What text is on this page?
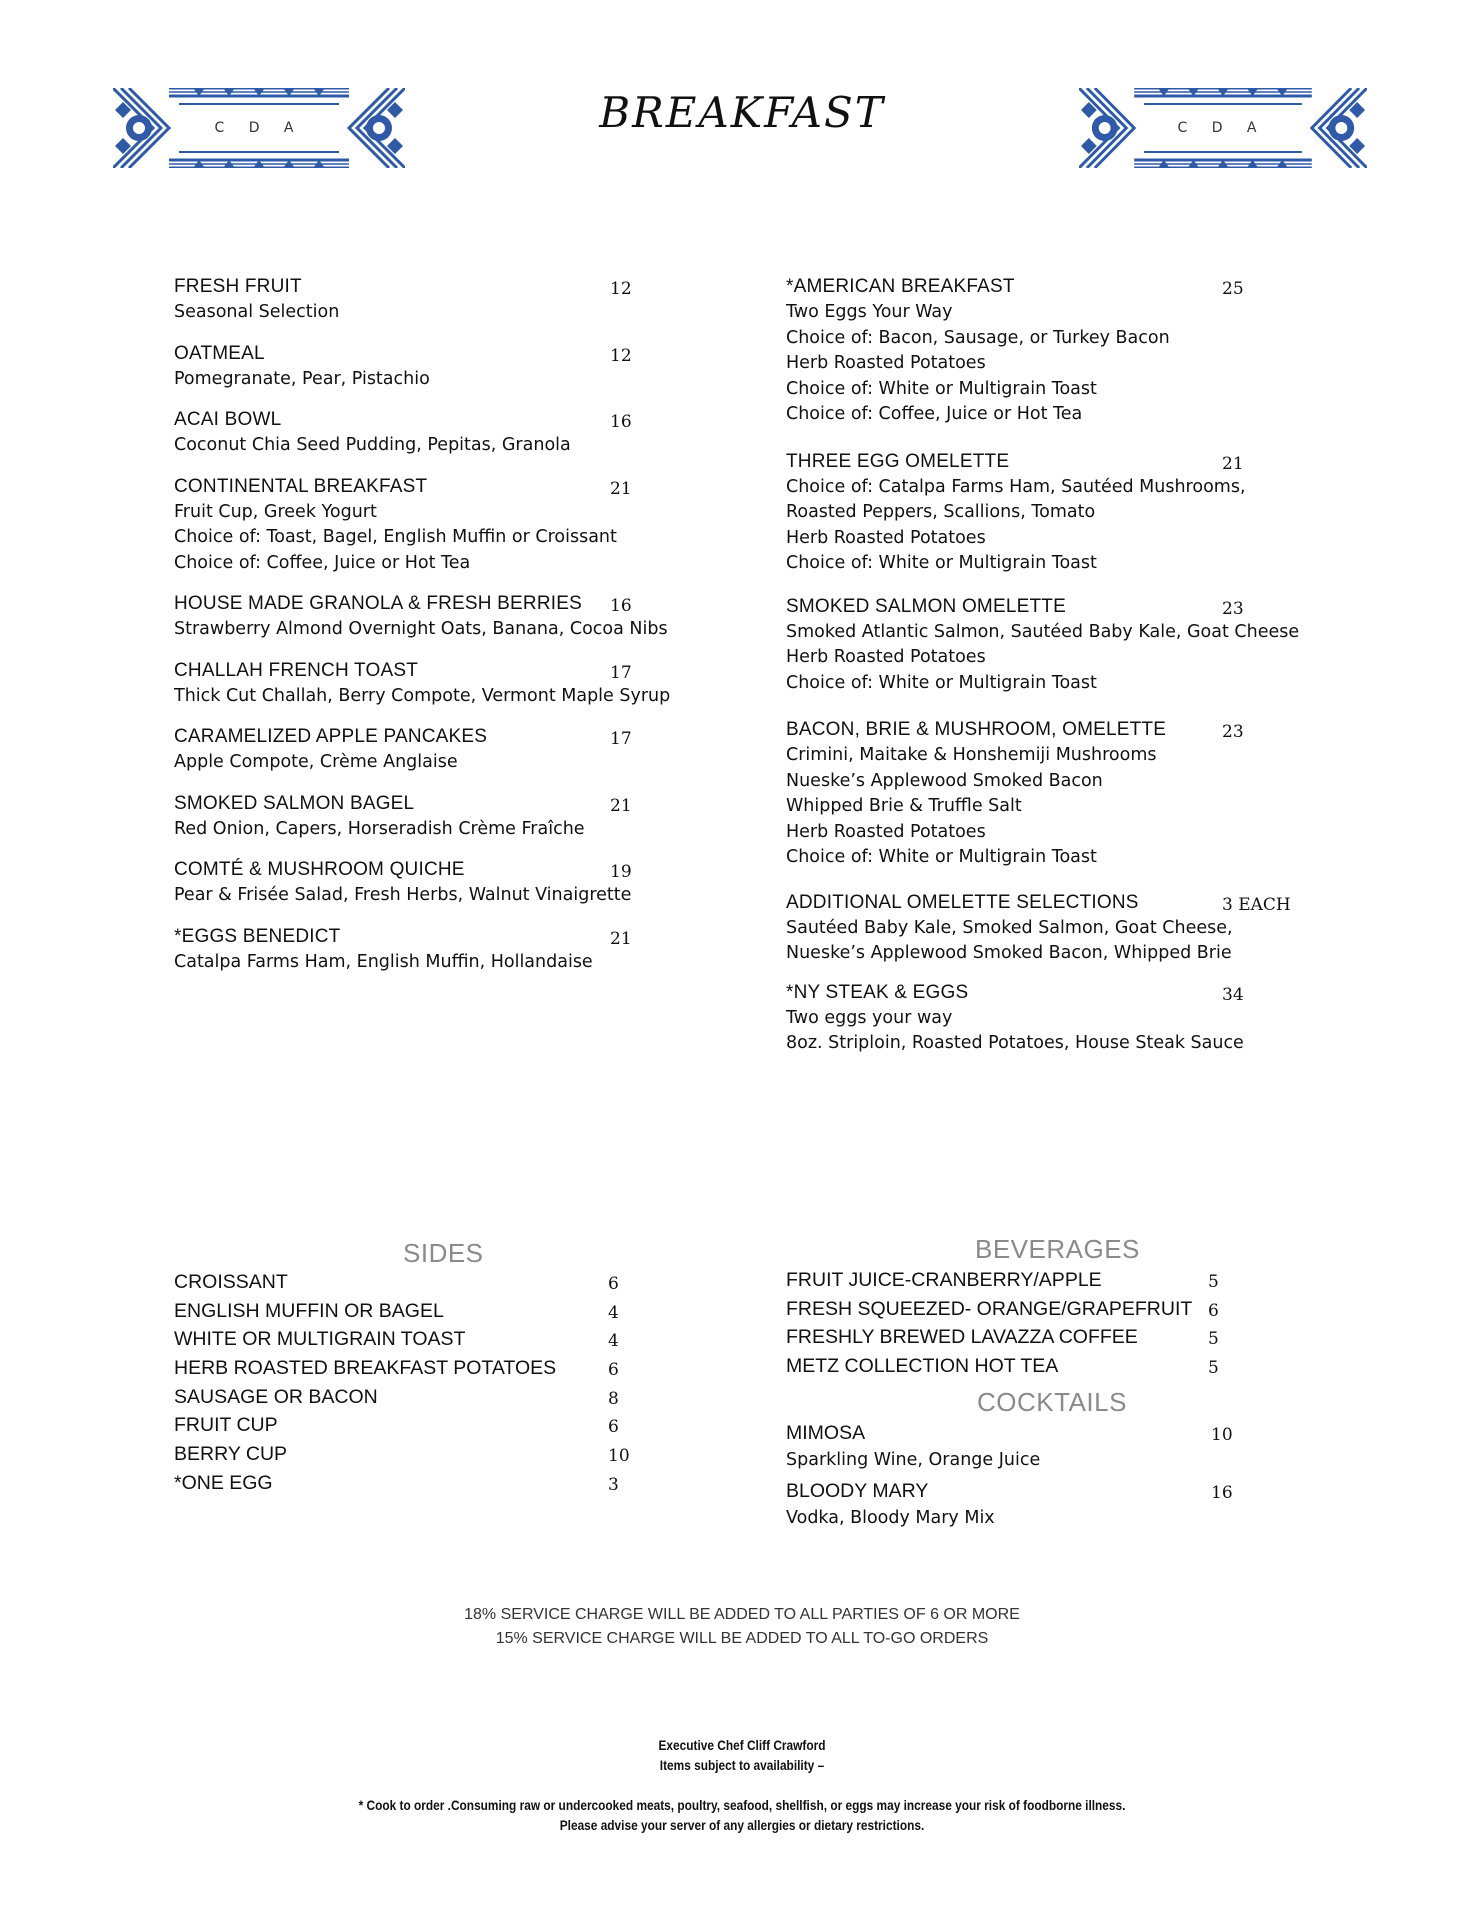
C D A	BREAKFAST	C D A
FRESH FRUIT	12
Seasonal Selection
OATMEAL	12
Pomegranate, Pear, Pistachio
ACAI BOWL	16
Coconut Chia Seed Pudding, Pepitas, Granola
CONTINENTAL BREAKFAST	21
Fruit Cup, Greek Yogurt
Choice of: Toast, Bagel, English Muffin or Croissant
Choice of: Coffee, Juice or Hot Tea
HOUSE MADE GRANOLA & FRESH BERRIES 16
Strawberry Almond Overnight Oats, Banana, Cocoa Nibs
CHALLAH FRENCH TOAST	17
Thick Cut Challah, Berry Compote, Vermont Maple Syrup
CARAMELIZED APPLE PANCAKES	17
Apple Compote, Crème Anglaise
SMOKED SALMON BAGEL	21
Red Onion, Capers, Horseradish Crème Fraîche
COMTÉ & MUSHROOM QUICHE	19
Pear & Frisée Salad, Fresh Herbs, Walnut Vinaigrette
*EGGS BENEDICT	21
Catalpa Farms Ham, English Muffin, Hollandaise
*AMERICAN BREAKFAST	25
Two Eggs Your Way
Choice of: Bacon, Sausage, or Turkey Bacon
Herb Roasted Potatoes
Choice of: White or Multigrain Toast
Choice of: Coffee, Juice or Hot Tea
THREE EGG OMELETTE	21
Choice of: Catalpa Farms Ham, Sautéed Mushrooms,
Roasted Peppers, Scallions, Tomato
Herb Roasted Potatoes
Choice of: White or Multigrain Toast
SMOKED SALMON OMELETTE	23
Smoked Atlantic Salmon, Sautéed Baby Kale, Goat Cheese
Herb Roasted Potatoes
Choice of: White or Multigrain Toast
BACON, BRIE & MUSHROOM, OMELETTE	23
Crimini, Maitake & Honshemiji Mushrooms
Nueske’s Applewood Smoked Bacon
Whipped Brie & Truffle Salt
Herb Roasted Potatoes
Choice of: White or Multigrain Toast
ADDITIONAL OMELETTE SELECTIONS	3 EACH
Sautéed Baby Kale, Smoked Salmon, Goat Cheese,
Nueske’s Applewood Smoked Bacon, Whipped Brie
*NY STEAK & EGGS	34
Two eggs your way
8oz. Striploin, Roasted Potatoes, House Steak Sauce
SIDES
CROISSANT	6
ENGLISH MUFFIN OR BAGEL	4
WHITE OR MULTIGRAIN TOAST	4
HERB ROASTED BREAKFAST POTATOES	6
SAUSAGE OR BACON	8
FRUIT CUP	6
BERRY CUP	10
*ONE EGG	3
BEVERAGES
FRUIT JUICE-CRANBERRY/APPLE	5
FRESH SQUEEZED- ORANGE/GRAPEFRUIT 6
FRESHLY BREWED LAVAZZA COFFEE	5
METZ COLLECTION HOT TEA	5
COCKTAILS
MIMOSA	10
Sparkling Wine, Orange Juice
BLOODY MARY	16
Vodka, Bloody Mary Mix
18% SERVICE CHARGE WILL BE ADDED TO ALL PARTIES OF 6 OR MORE
15% SERVICE CHARGE WILL BE ADDED TO ALL TO-GO ORDERS
Executive Chef Cliff Crawford
Items subject to availability –
* Cook to order .Consuming raw or undercooked meats, poultry, seafood, shellfish, or eggs may increase your risk of foodborne illness.
Please advise your server of any allergies or dietary restrictions.
